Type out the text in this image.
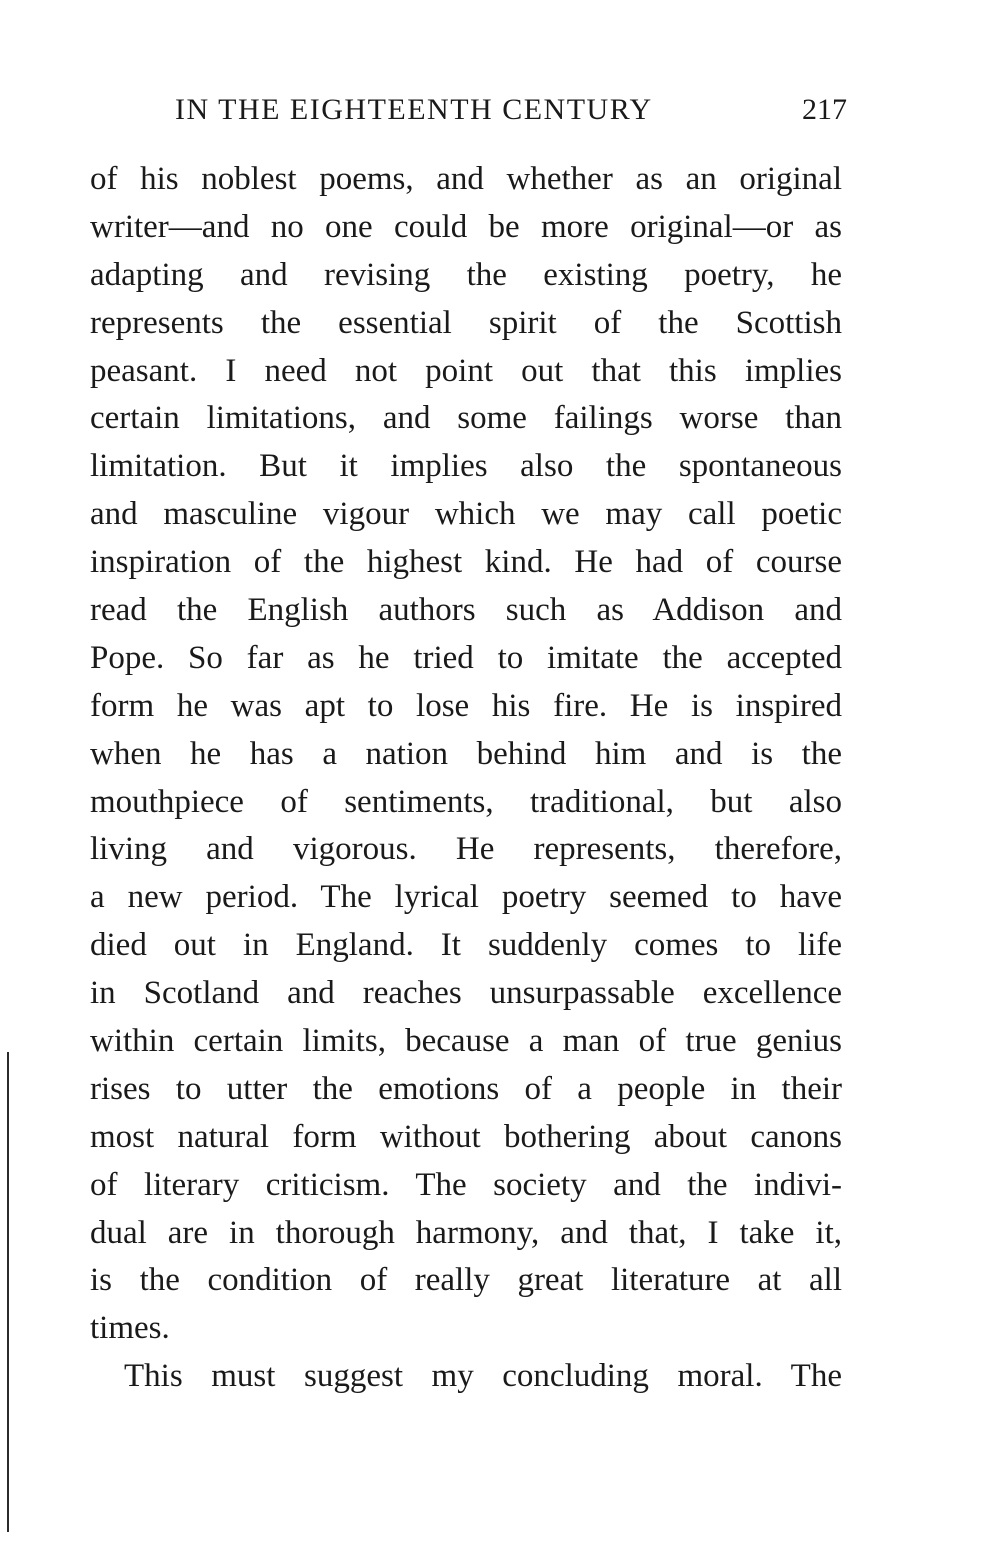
IN THE EIGHTEENTH CENTURY	217
of his noblest poems, and whether as an original
writer—and no one could be more original—or as
adapting and revising the existing poetry, he
represents the essential spirit of the Scottish
peasant. I need not point out that this implies
certain limitations, and some failings worse than
limitation. But it implies also the spontaneous
and masculine vigour which we may call poetic
inspiration of the highest kind. He had of course
read the English authors such as Addison and
Pope. So far as he tried to imitate the accepted
form he was apt to lose his fire. He is inspired
when he has a nation behind him and is the
mouthpiece of sentiments, traditional, but also
living and vigorous. He represents, therefore,
a new period. The lyrical poetry seemed to have
died out in England. It suddenly comes to life
in Scotland and reaches unsurpassable excellence
within certain limits, because a man of true genius
rises to utter the emotions of a people in their
most natural form without bothering about canons
of literary criticism. The society and the indivi-
dual are in thorough harmony, and that, I take it,
is the condition of really great literature at all
times.
This must suggest my concluding moral. The
